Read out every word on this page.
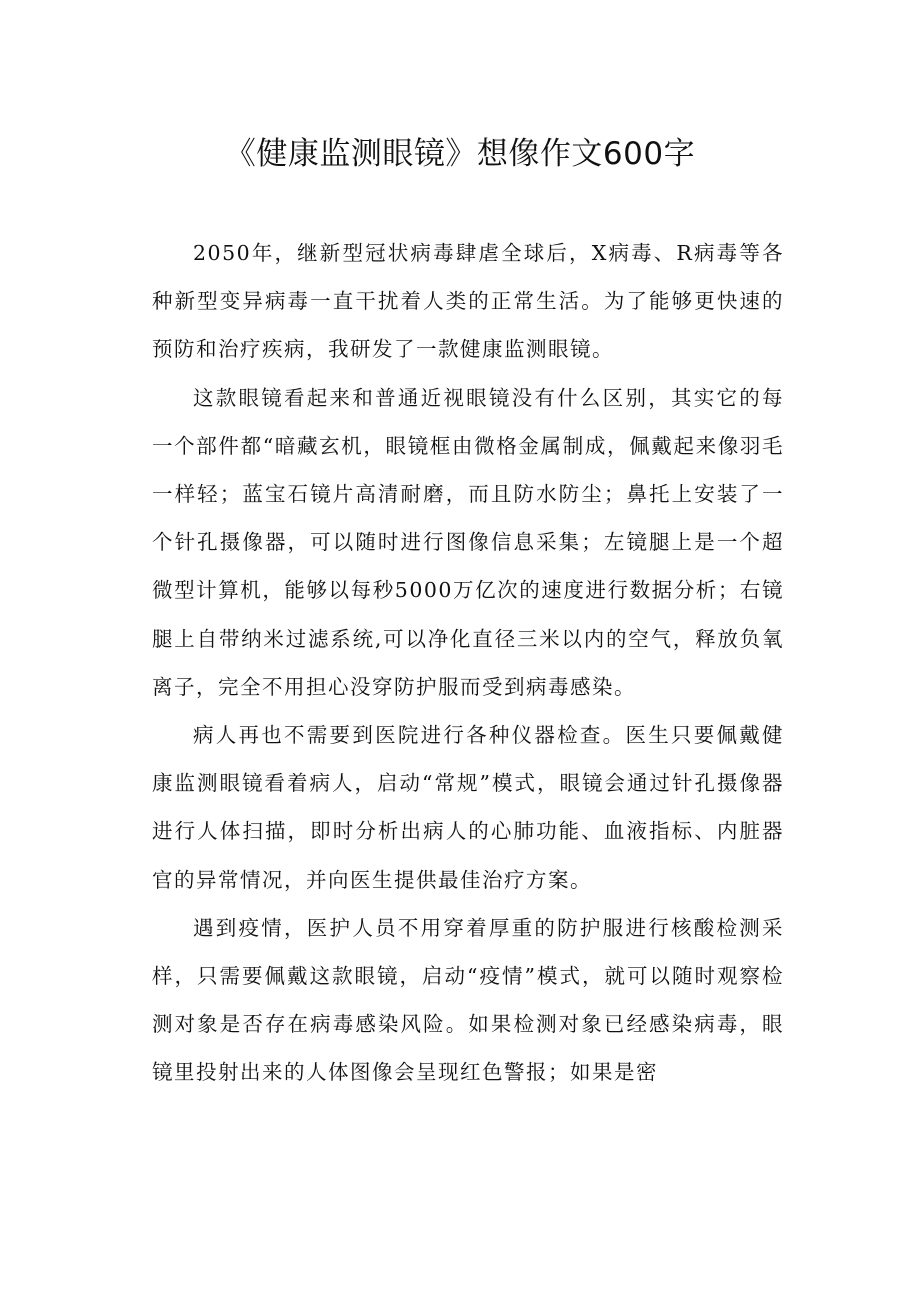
《健康监测眼镜》想像作文600字

2050年，继新型冠状病毒肆虐全球后，X病毒、R病毒等各种新型变异病毒一直干扰着人类的正常生活。为了能够更快速的预防和治疗疾病，我研发了一款健康监测眼镜。

这款眼镜看起来和普通近视眼镜没有什么区别，其实它的每一个部件都“暗藏玄机，眼镜框由微格金属制成，佩戴起来像羽毛一样轻；蓝宝石镜片高清耐磨，而且防水防尘；鼻托上安装了一个针孔摄像器，可以随时进行图像信息采集；左镜腿上是一个超微型计算机，能够以每秒5000万亿次的速度进行数据分析；右镜腿上自带纳米过滤系统,可以净化直径三米以内的空气，释放负氧离子，完全不用担心没穿防护服而受到病毒感染。

病人再也不需要到医院进行各种仪器检查。医生只要佩戴健康监测眼镜看着病人，启动“常规”模式，眼镜会通过针孔摄像器进行人体扫描，即时分析出病人的心肺功能、血液指标、内脏器官的异常情况，并向医生提供最佳治疗方案。

遇到疫情，医护人员不用穿着厚重的防护服进行核酸检测采样，只需要佩戴这款眼镜，启动“疫情”模式，就可以随时观察检测对象是否存在病毒感染风险。如果检测对象已经感染病毒，眼镜里投射出来的人体图像会呈现红色警报；如果是密
